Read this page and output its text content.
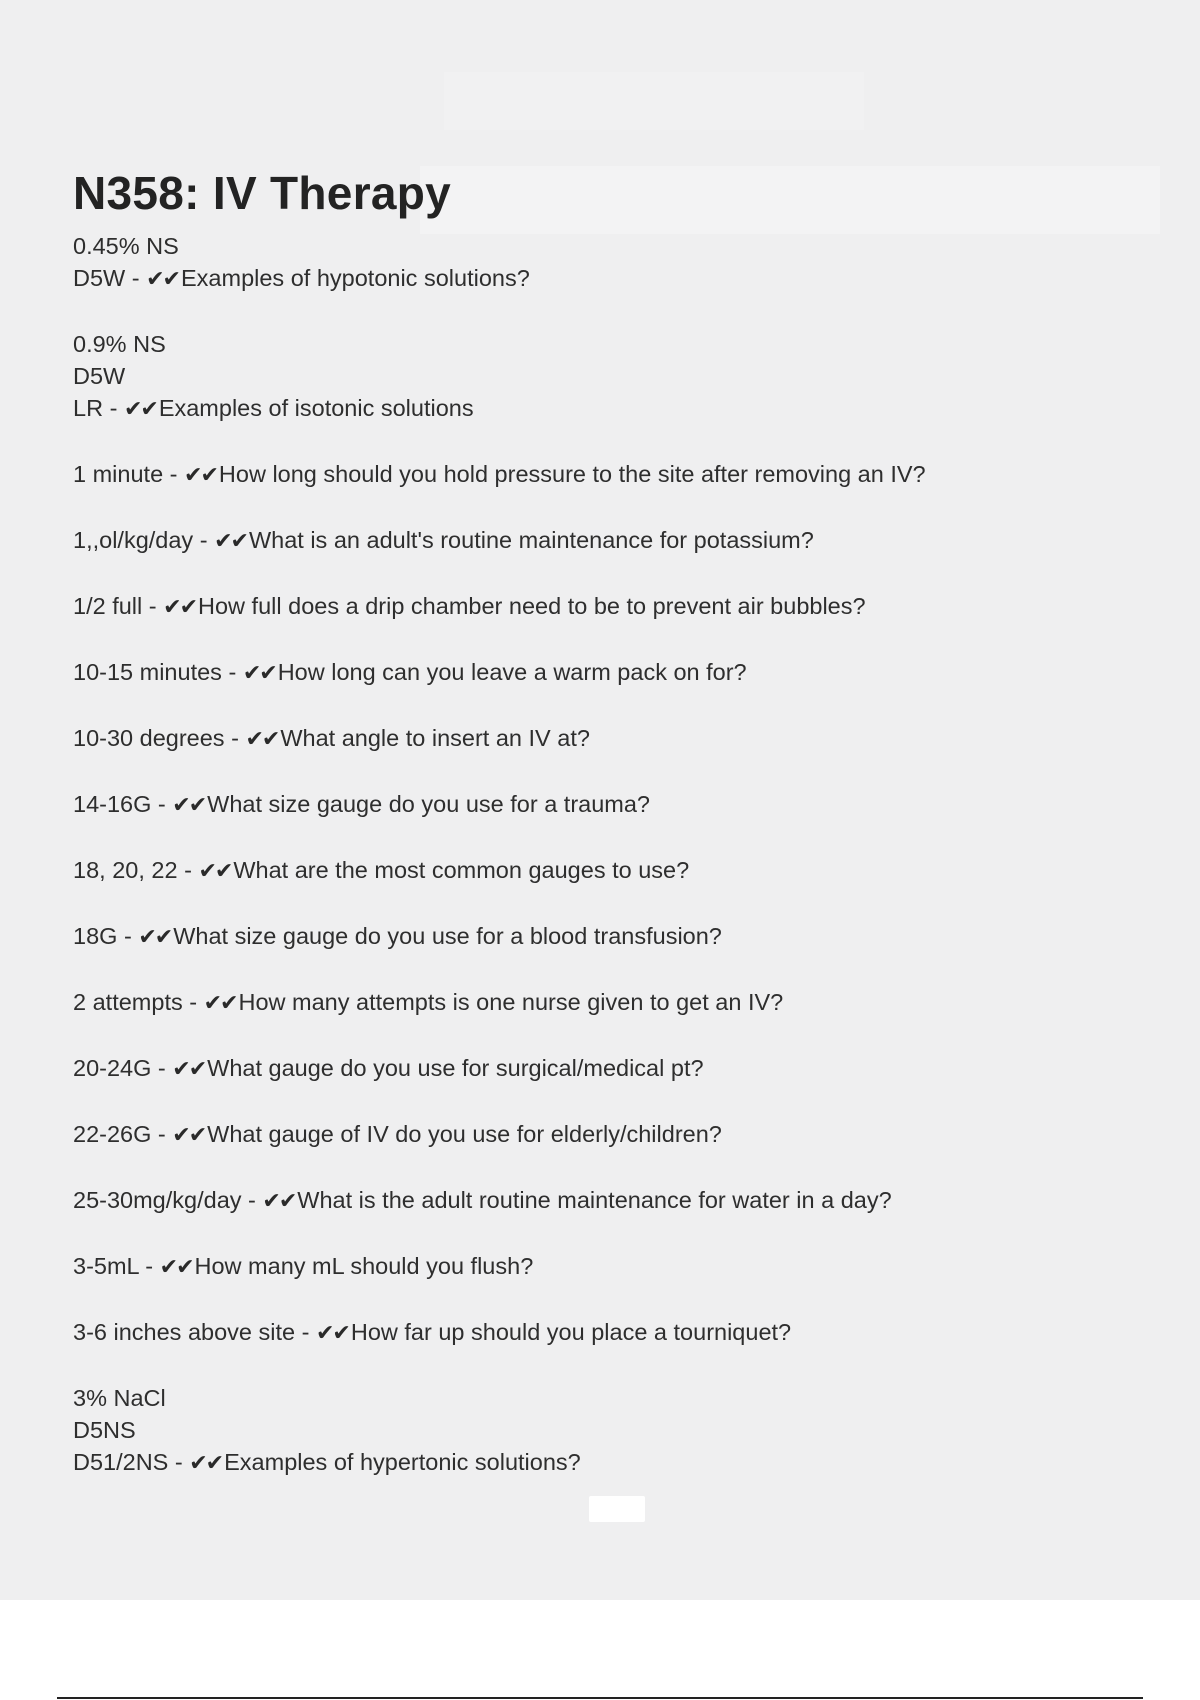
N358: IV Therapy
0.45% NS
D5W - ✔✔Examples of hypotonic solutions?
0.9% NS
D5W
LR - ✔✔Examples of isotonic solutions
1 minute - ✔✔How long should you hold pressure to the site after removing an IV?
1,,ol/kg/day - ✔✔What is an adult's routine maintenance for potassium?
1/2 full - ✔✔How full does a drip chamber need to be to prevent air bubbles?
10-15 minutes - ✔✔How long can you leave a warm pack on for?
10-30 degrees - ✔✔What angle to insert an IV at?
14-16G - ✔✔What size gauge do you use for a trauma?
18, 20, 22 - ✔✔What are the most common gauges to use?
18G - ✔✔What size gauge do you use for a blood transfusion?
2 attempts - ✔✔How many attempts is one nurse given to get an IV?
20-24G - ✔✔What gauge do you use for surgical/medical pt?
22-26G - ✔✔What gauge of IV do you use for elderly/children?
25-30mg/kg/day - ✔✔What is the adult routine maintenance for water in a day?
3-5mL - ✔✔How many mL should you flush?
3-6 inches above site - ✔✔How far up should you place a tourniquet?
3% NaCl
D5NS
D51/2NS - ✔✔Examples of hypertonic solutions?
